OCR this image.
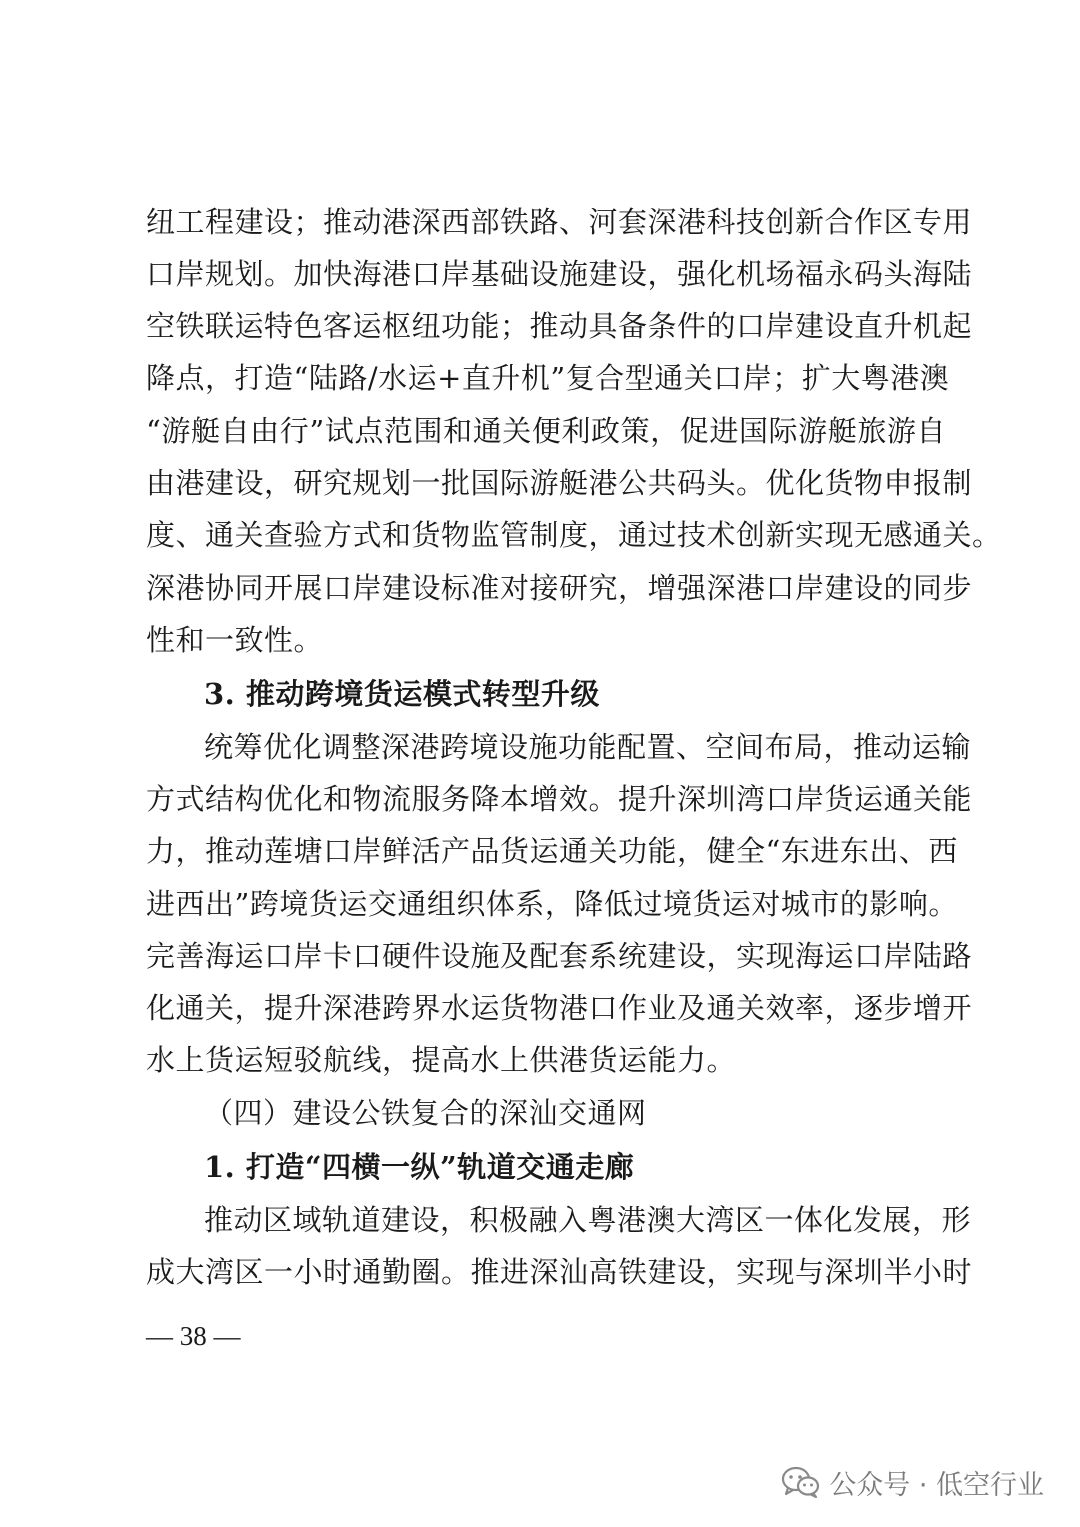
纽工程建设；推动港深西部铁路、河套深港科技创新合作区专用
口岸规划。加快海港口岸基础设施建设，强化机场福永码头海陆
空铁联运特色客运枢纽功能；推动具备条件的口岸建设直升机起
降点，打造“陆路/水运+直升机”复合型通关口岸；扩大粤港澳
“游艇自由行”试点范围和通关便利政策，促进国际游艇旅游自
由港建设，研究规划一批国际游艇港公共码头。优化货物申报制
度、通关查验方式和货物监管制度，通过技术创新实现无感通关。
深港协同开展口岸建设标准对接研究，增强深港口岸建设的同步
性和一致性。
3. 推动跨境货运模式转型升级
统筹优化调整深港跨境设施功能配置、空间布局，推动运输
方式结构优化和物流服务降本增效。提升深圳湾口岸货运通关能
力，推动莲塘口岸鲜活产品货运通关功能，健全“东进东出、西
进西出”跨境货运交通组织体系，降低过境货运对城市的影响。
完善海运口岸卡口硬件设施及配套系统建设，实现海运口岸陆路
化通关，提升深港跨界水运货物港口作业及通关效率，逐步增开
水上货运短驳航线，提高水上供港货运能力。
（四）建设公铁复合的深汕交通网
1. 打造“四横一纵”轨道交通走廊
推动区域轨道建设，积极融入粤港澳大湾区一体化发展，形
成大湾区一小时通勤圈。推进深汕高铁建设，实现与深圳半小时
— 38 —
公众号 · 低空行业
